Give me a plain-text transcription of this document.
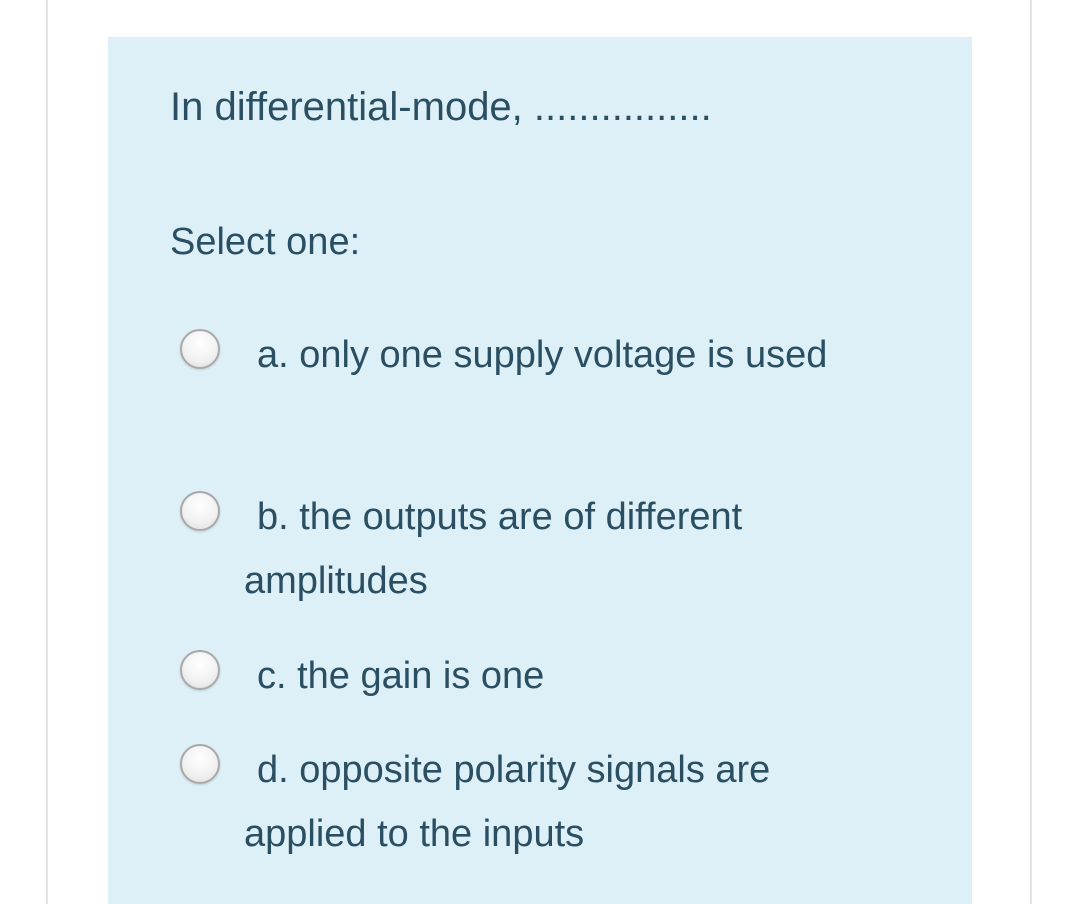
In differential-mode, ................
Select one:
a. only one supply voltage is used
b. the outputs are of different amplitudes
c. the gain is one
d. opposite polarity signals are applied to the inputs
